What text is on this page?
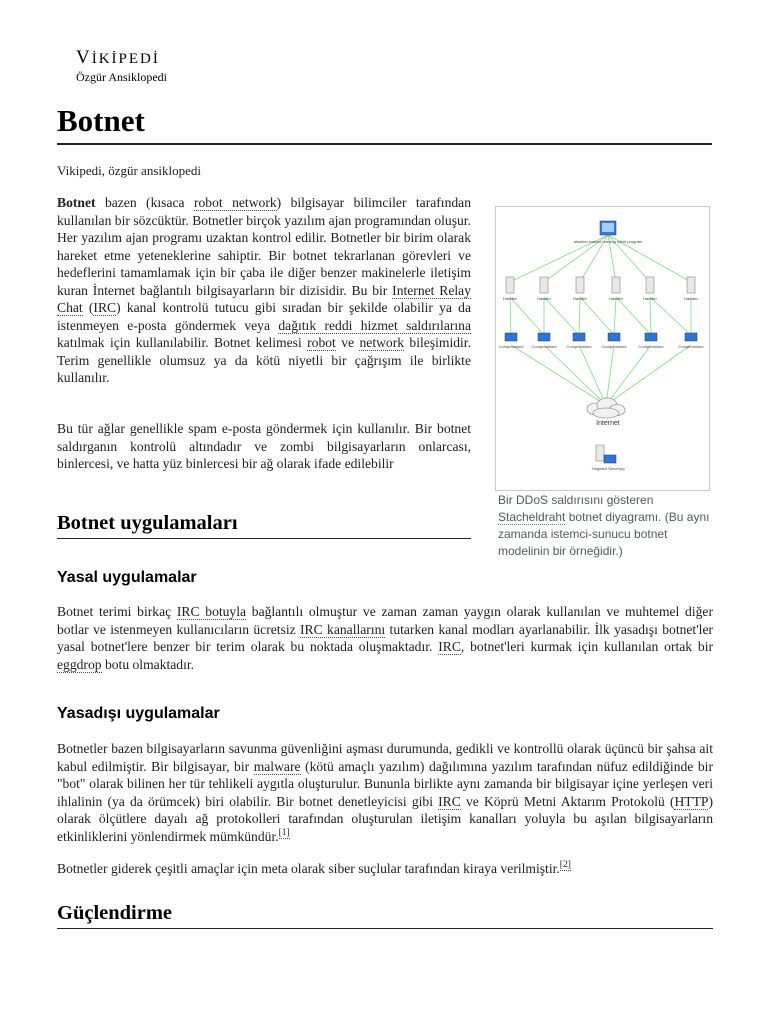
VİKİPEDİ
Özgür Ansiklopedi
Botnet
Vikipedi, özgür ansiklopedi

Botnet bazen (kısaca robot network) bilgisayar bilimciler tarafından kullanılan bir sözcüktür. Botnetler birçok yazılım ajan programından oluşur. Her yazılım ajan programı uzaktan kontrol edilir. Botnetler bir birim olarak hareket etme yeteneklerine sahiptir. Bir botnet tekrarlanan görevleri ve hedeflerini tamamlamak için bir çaba ile diğer benzer makinelerle iletişim kuran İnternet bağlantılı bilgisayarların bir dizisidir. Bu bir Internet Relay Chat (IRC) kanal kontrolü tutucu gibi sıradan bir şekilde olabilir ya da istenmeyen e-posta göndermek veya dağıtık reddi hizmet saldırılarına katılmak için kullanılabilir. Botnet kelimesi robot ve network bileşimidir. Terim genellikle olumsuz ya da kötü niyetli bir çağrışım ile birlikte kullanılır.

Bu tür ağlar genellikle spam e-posta göndermek için kullanılır. Bir botnet saldırganın kontrolü altındadır ve zombi bilgisayarların onlarcası, binlercesi, ve hatta yüz binlercesi bir ağ olarak ifade edilebilir

attacker master running client program
Handler	Handler	Handler	Handler	Handler	Handler
Compromised Compromised	Compromised	Compromised	Compromised	Compromised
Internet
Targeted Server(s)
Bir DDoS saldırısını gösteren Stacheldraht botnet diyagramı. (Bu aynı zamanda istemci-sunucu botnet modelinin bir örneğidir.)
Botnet uygulamaları
Yasal uygulamalar

Botnet terimi birkaç IRC botuyla bağlantılı olmuştur ve zaman zaman yaygın olarak kullanılan ve muhtemel diğer botlar ve istenmeyen kullanıcıların ücretsiz IRC kanallarını tutarken kanal modları ayarlanabilir. İlk yasadışı botnet'ler yasal botnet'lere benzer bir terim olarak bu noktada oluşmaktadır. IRC, botnet'leri kurmak için kullanılan ortak bir eggdrop botu olmaktadır.

Yasadışı uygulamalar

Botnetler bazen bilgisayarların savunma güvenliğini aşması durumunda, gedikli ve kontrollü olarak üçüncü bir şahsa ait kabul edilmiştir. Bir bilgisayar, bir malware (kötü amaçlı yazılım) dağılımına yazılım tarafından nüfuz edildiğinde bir "bot" olarak bilinen her tür tehlikeli aygıtla oluşturulur. Bununla birlikte aynı zamanda bir bilgisayar içine yerleşen veri ihlalinin (ya da örümcek) biri olabilir. Bir botnet denetleyicisi gibi IRC ve Köprü Metni Aktarım Protokolü (HTTP) olarak ölçütlere dayalı ağ protokolleri tarafından oluşturulan iletişim kanalları yoluyla bu aşılan bilgisayarların etkinliklerini yönlendirmek mümkündür.[1]

Botnetler giderek çeşitli amaçlar için meta olarak siber suçlular tarafından kiraya verilmiştir.[2]

Güçlendirme
